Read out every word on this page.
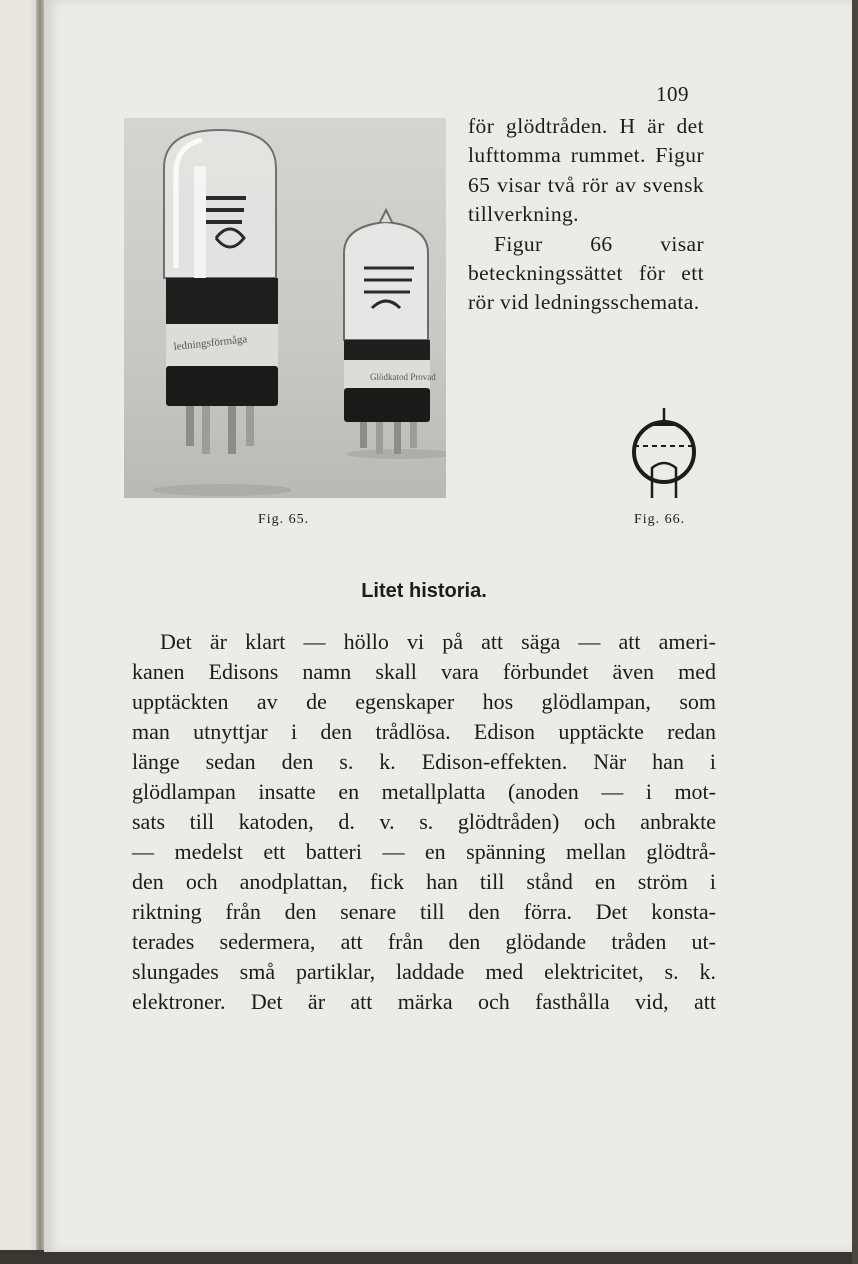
109
ledningsförmåga
Glödkatod Provad

för glödtråden. H är det lufttomma rummet. Figur 65 visar två rör av svensk tillverkning.

Figur 66 visar beteckningssättet för ett rör vid ledningsschemata.

Fig. 65.	Fig. 66.
Litet historia.
Det är klart — höllo vi på att säga — att ameri-
kanen Edisons namn skall vara förbundet även med
upptäckten av de egenskaper hos glödlampan, som
man utnyttjar i den trådlösa. Edison upptäckte redan
länge sedan den s. k. Edison-effekten. När han i
glödlampan insatte en metallplatta (anoden — i mot-
sats till katoden, d. v. s. glödtråden) och anbrakte
— medelst ett batteri — en spänning mellan glödtrå-
den och anodplattan, fick han till stånd en ström i
riktning från den senare till den förra. Det konsta-
terades sedermera, att från den glödande tråden ut-
slungades små partiklar, laddade med elektricitet, s. k.
elektroner. Det är att märka och fasthålla vid, att
